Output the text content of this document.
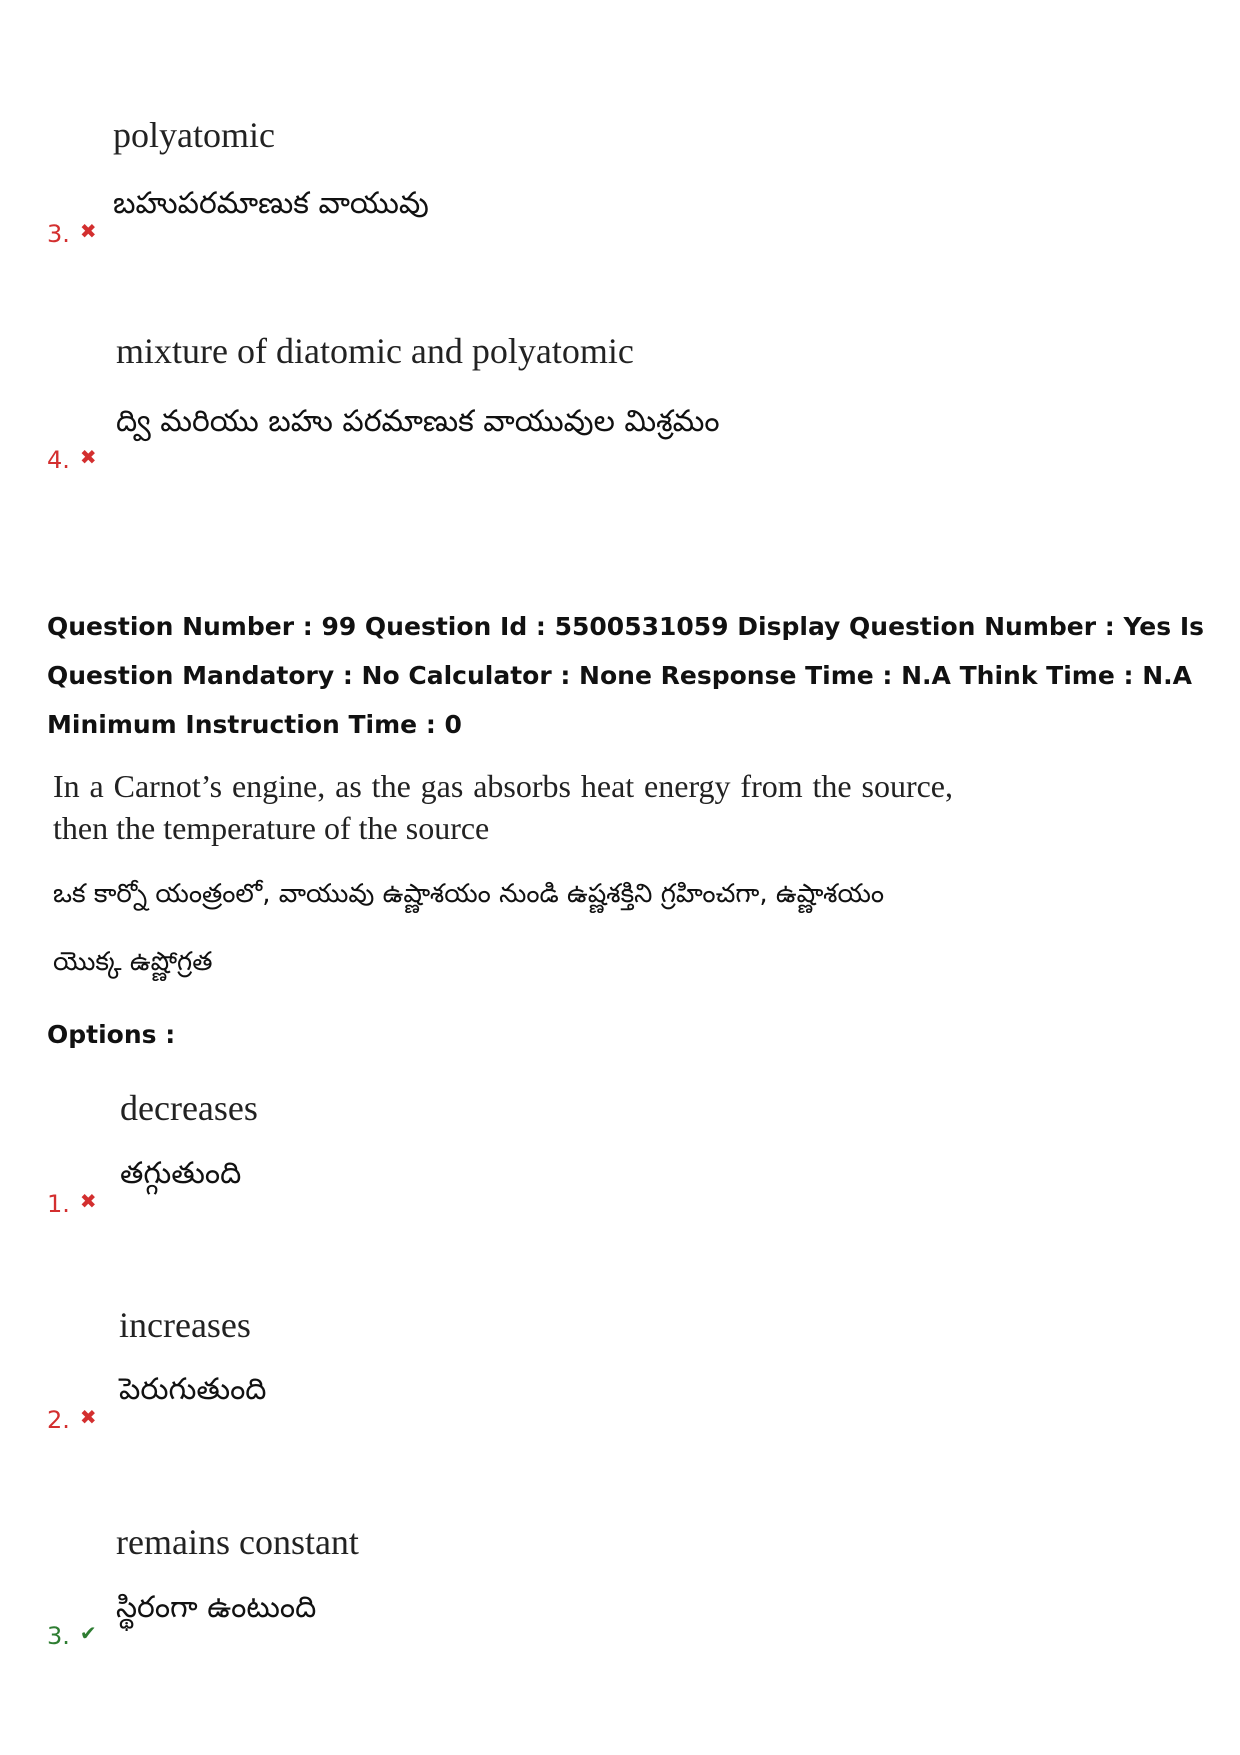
polyatomic
బహుపరమాణుక వాయువు
3. ✖
mixture of diatomic and polyatomic
ద్వి మరియు బహు పరమాణుక వాయువుల మిశ్రమం
4. ✖
Question Number : 99 Question Id : 5500531059 Display Question Number : Yes Is Question Mandatory : No Calculator : None Response Time : N.A Think Time : N.A Minimum Instruction Time : 0
In a Carnot’s engine, as the gas absorbs heat energy from the source, then the temperature of the source
ఒక కార్నో యంత్రంలో, వాయువు ఉష్ణాశయం నుండి ఉష్ణశక్తిని గ్రహించగా, ఉష్ణాశయం యొక్క ఉష్ణోగ్రత
Options :
decreases
తగ్గుతుంది
1. ✖
increases
పెరుగుతుంది
2. ✖
remains constant
స్థిరంగా ఉంటుంది
3. ✔
